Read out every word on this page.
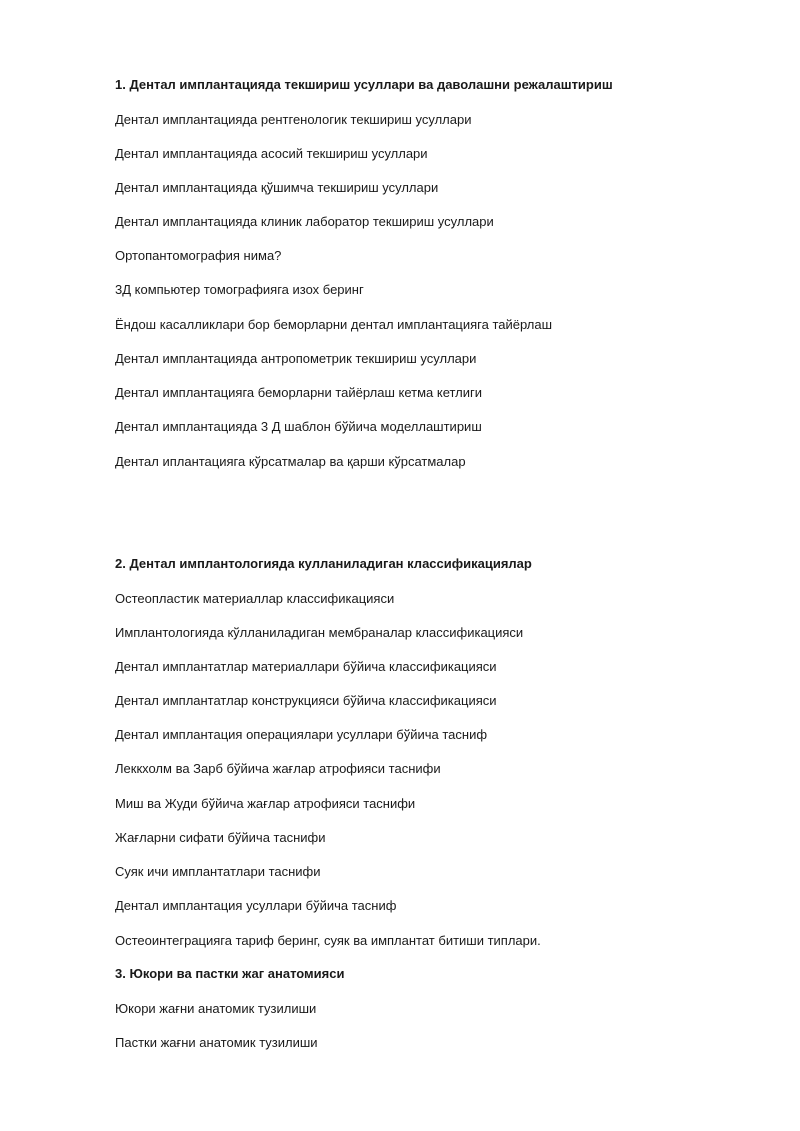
1. Дентал имплантацияда текшириш усуллари ва даволашни режалаштириш
Дентал имплантацияда рентгенологик текшириш усуллари
Дентал имплантацияда асосий текшириш усуллари
Дентал имплантацияда қўшимча текшириш усуллари
Дентал имплантацияда клиник лаборатор текшириш усуллари
Ортопантомография нима?
3Д компьютер томографияга изох беринг
Ёндош касалликлари бор беморларни дентал имплантацияга тайёрлаш
Дентал имплантацияда антропометрик текшириш усуллари
Дентал имплантацияга беморларни тайёрлаш кетма кетлиги
Дентал имплантацияда 3 Д шаблон бўйича моделлаштириш
Дентал иплантацияга кўрсатмалар ва қарши кўрсатмалар
2. Дентал имплантологияда кулланиладиган классификациялар
Остеопластик материаллар классификацияси
Имплантологияда кўлланиладиган мембраналар классификацияси
Дентал имплантатлар материаллари бўйича классификацияси
Дентал имплантатлар конструкцияси бўйича классификацияси
Дентал имплантация операциялари усуллари бўйича тасниф
Леккхолм ва Зарб бўйича жағлар атрофияси таснифи
Миш ва Жуди бўйича жағлар атрофияси таснифи
Жағларни сифати бўйича таснифи
Суяк ичи имплантатлари таснифи
Дентал имплантация усуллари бўйича тасниф
Остеоинтеграцияга тариф беринг, суяк ва имплантат битиши типлари.
3. Юкори ва пастки жаг анатомияси
Юкори жағни анатомик тузилиши
Пастки жағни анатомик тузилиши
